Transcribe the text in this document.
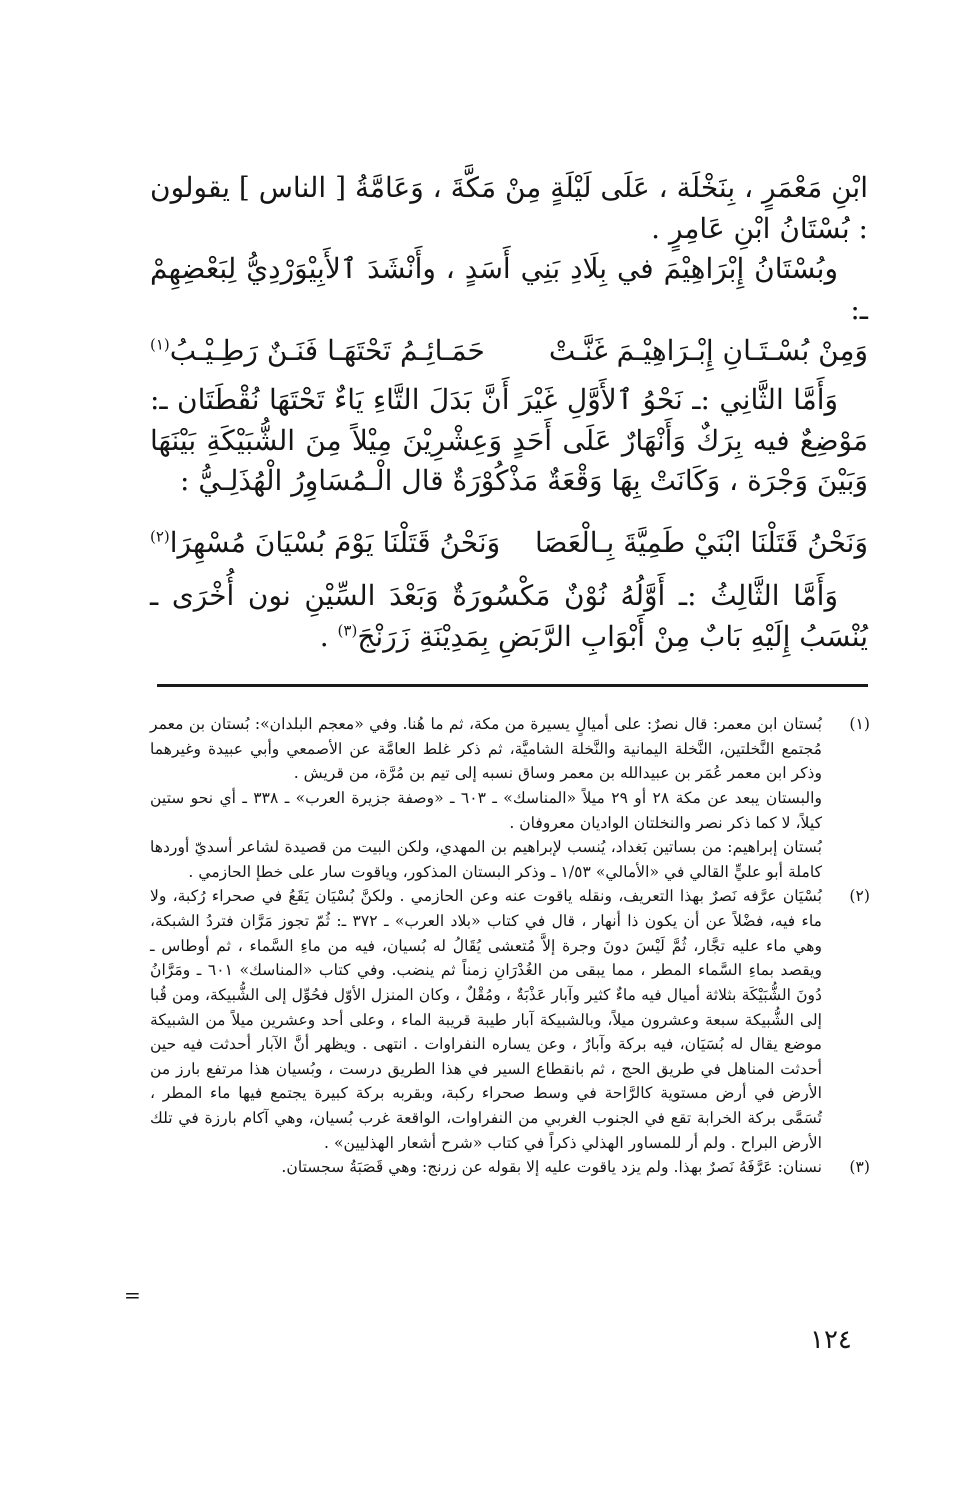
ابْنِ مَعْمَرٍ ، بِنَخْلَة ، عَلَى لَيْلَةٍ مِنْ مَكَّةَ ، وَعَامَّةُ [ الناس ] يقولون : بُسْتَانُ ابْنِ عَامِرٍ .

وبُسْتَانُ إِبْرَاهِيْمَ في بِلَادِ بَنِي أَسَدٍ ، وأَنْشَدَ ٱلأَبِيْوَرْدِيُّ لِبَعْضِهِمْ ـ:

وَمِنْ بُسْـتَـانِ إِبْـرَاهِيْـمَ غَنَّـتْ
حَمَـائِـمُ تَحْتَهَـا فَنَـنٌ رَطِـيْـبُ$^{(١)}$

وَأَمَّا الثَّانِي :ـ نَحْوُ ٱلأَوَّلِ غَيْرَ أَنَّ بَدَلَ التَّاءِ يَاءٌ تَحْتَهَا نُقْطَتَان ـ: مَوْضِعٌ فيه بِرَكٌ وَأَنْهَارٌ عَلَى أَحَدٍ وَعِشْرِيْنَ مِيْلاً مِنَ الشُّبَيْكَةِ بَيْنَهَا وَبَيْنَ وَجْرَة ، وَكَانَتْ بِهَا وَقْعَةٌ مَذْكُوْرَةٌ قال الْـمُسَاوِرُ الْهُذَلِـيُّ :

وَنَحْنُ قَتَلْنَا ابْنَيْ طَمِيَّةَ بِـالْعَصَا
وَنَحْنُ قَتَلْنَا يَوْمَ بُسْيَانَ مُسْهِرَا$^{(٢)}$

وَأَمَّا الثَّالِثُ :ـ أَوَّلُهُ نُوْنٌ مَكْسُورَةٌ وَبَعْدَ السِّيْنِ نون أُخْرَى ـ يُنْسَبُ إِلَيْهِ بَابٌ مِنْ أَبْوَابِ الرَّبَضِ بِمَدِيْنَةِ زَرَنْجَ$^{(٣)}$ .

(١)

بُستان ابن معمر: قال نصرٌ: على أميالٍ يسيرة من مكة، ثم ما هُنا. وفي «معجم البلدان»: بُستان بن معمر مُجتمع النَّخلتين، النَّخلة اليمانية والنَّخلة الشاميَّة، ثم ذكر غلط العامَّة عن الأصمعي وأبي عبيدة وغيرهما وذكر ابن معمر عُمَر بن عبيدالله بن معمر وساق نسبه إلى تيم بن مُرَّة، من قريش .

والبستان يبعد عن مكة ٢٨ أو ٢٩ ميلاً «المناسك» ـ ٦٠٣ ـ «وصفة جزيرة العرب» ـ ٣٣٨ ـ أي نحو ستين كيلاً، لا كما ذكر نصر والنخلتان الواديان معروفان .

بُستان إبراهيم: من بساتين بَغداد، يُنسب لإبراهيم بن المهدي، ولكن البيت من قصيدة لشاعر أسديّ أوردها كاملة أبو عليٍّ القالي في «الأمالي» ١/٥٣ ـ وذكر البستان المذكور، وياقوت سار على خطإ الحازمي .

(٢)

بُسْيَان عرَّفه نَصرٌ بهذا التعريف، ونقله ياقوت عنه وعن الحازمي . ولكنَّ بُسْيَان يَقَعُ في صحراء رُكبة، ولا ماء فيه، فضْلاً عن أن يكون ذا أنهار ، قال في كتاب «بلاد العرب» ـ ٣٧٢ ـ: ثُمّ تجوز مَرَّان فتردُ الشبكة، وهي ماء عليه تجَّار، ثُمَّ لَيْسَ دونَ وجرة إلاَّ مُتعشى يُقَالُ له بُسيان، فيه من ماءِ السَّماء ، ثم أوطاس ـ ويقصد بماءِ السَّماء المطر ، مما يبقى من الغُدْرَانِ زمناً ثم ينضب. وفي كتاب «المناسك» ٦٠١ ـ ومَرَّانُ دُونَ الشُّبَيْكَة بثلاثة أميال فيه ماءٌ كثير وآبار عَذْبَةٌ ، ومُقْلٌ ، وكان المنزل الأوّل فحُوِّل إلى الشُّبيكة، ومن قُبا إلى الشُّبيكة سبعة وعشرون ميلاً، وبالشبيكة آبار طيبة قريبة الماء ، وعلى أحد وعشرين ميلاً من الشبيكة موضع يقال له بُسَيَان، فيه بركة وآبارٌ ، وعن يساره النفراوات . انتهى . ويظهر أنَّ الآبار أحدثت فيه حين أحدثت المناهل في طريق الحج ، ثم بانقطاع السير في هذا الطريق درست ، وبُسيان هذا مرتفع بارز من الأرض في أرض مستوية كالرَّاحة في وسط صحراء ركبة، وبقربه بركة كبيرة يجتمع فيها ماء المطر ، تُسَمَّى بركة الخرابة تقع في الجنوب الغربي من النفراوات، الواقعة غرب بُسيان، وهي آكام بارزة في تلك الأرض البراح . ولم أر للمساور الهذلي ذكراً في كتاب «شرح أشعار الهذليين» .

(٣)

نسنان: عَرَّفَهُ نَصرٌ بهذا. ولم يزد ياقوت عليه إلا بقوله عن زرنج: وهي قَصَبَةُ سجستان.

=
١٢٤
